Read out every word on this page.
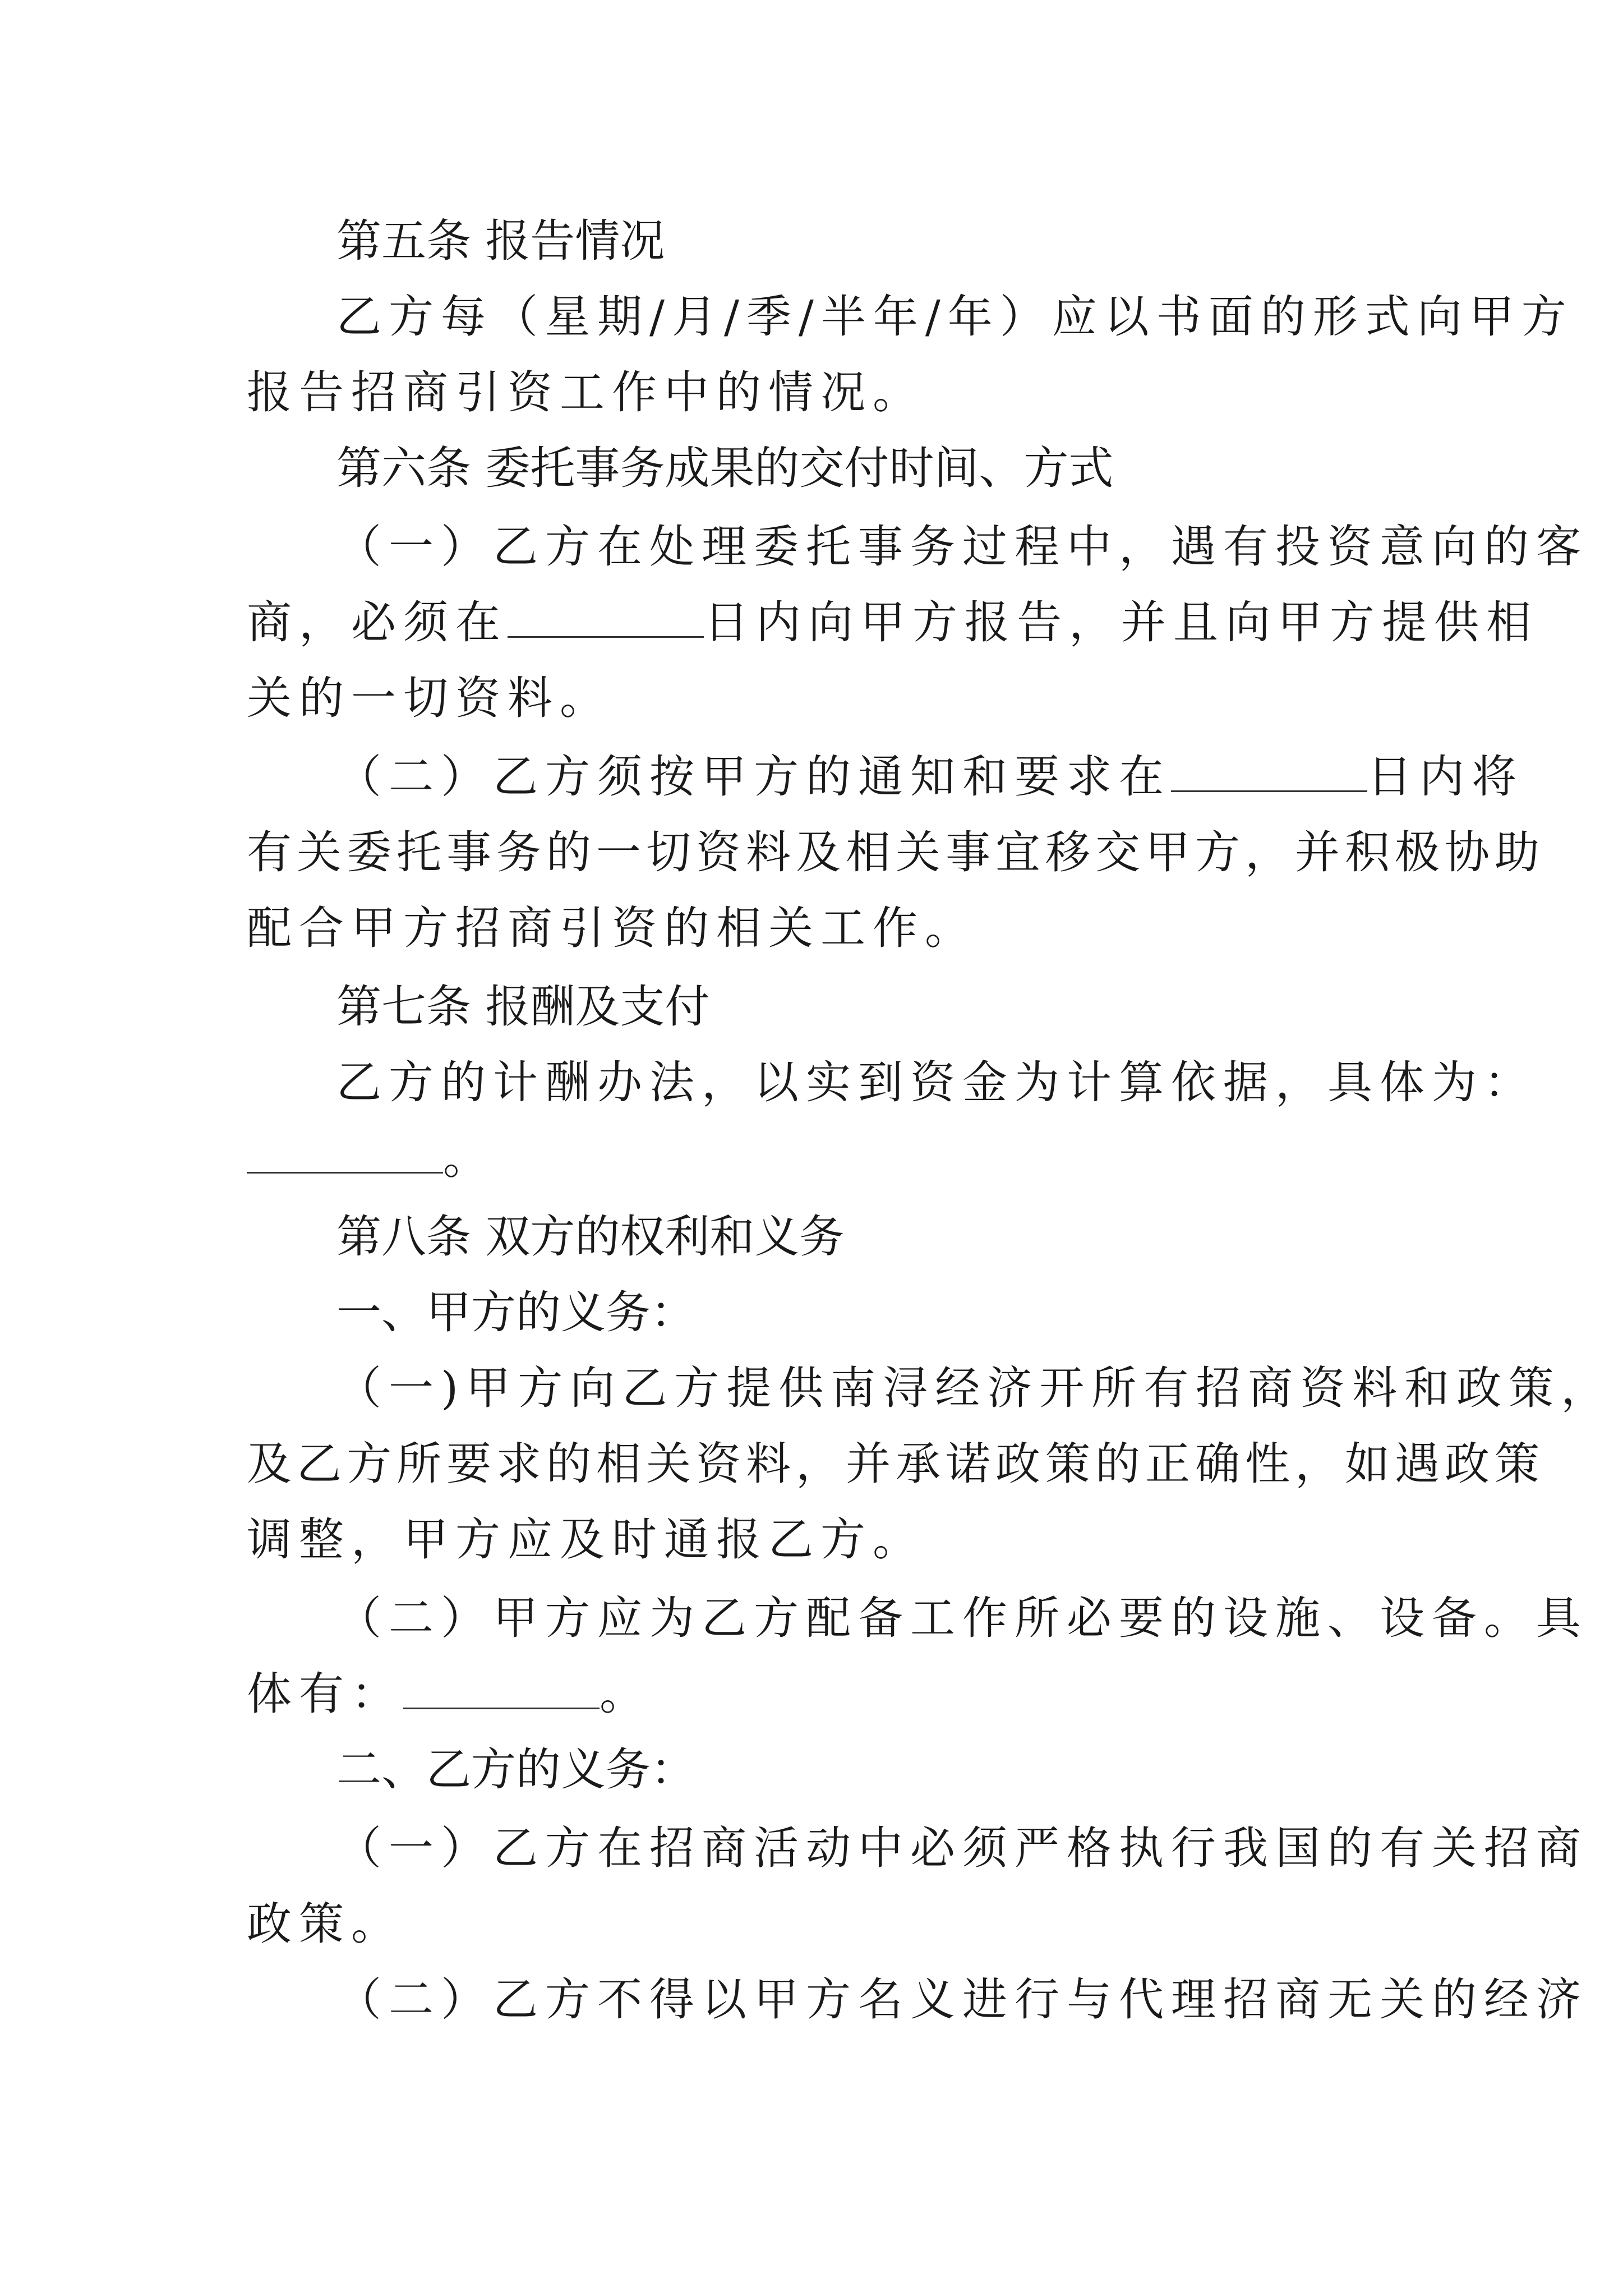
第五条 报告情况
乙方每（星期/月/季/半年/年）应以书面的形式向甲方
报告招商引资工作中的情况。
第六条 委托事务成果的交付时间、方式
（一）乙方在处理委托事务过程中，遇有投资意向的客
商，必须在	日内向甲方报告，并且向甲方提供相
关的一切资料。
（二）乙方须按甲方的通知和要求在	日内将
有关委托事务的一切资料及相关事宜移交甲方，并积极协助
配合甲方招商引资的相关工作。
第七条 报酬及支付
乙方的计酬办法，以实到资金为计算依据，具体为：
。
第八条 双方的权利和义务
一、甲方的义务：
（一)甲方向乙方提供南浔经济开所有招商资料和政策，
及乙方所要求的相关资料，并承诺政策的正确性，如遇政策
调整，甲方应及时通报乙方。
（二）甲方应为乙方配备工作所必要的设施、设备。具
体有：	。
二、乙方的义务：
（一）乙方在招商活动中必须严格执行我国的有关招商
政策。
（二）乙方不得以甲方名义进行与代理招商无关的经济
